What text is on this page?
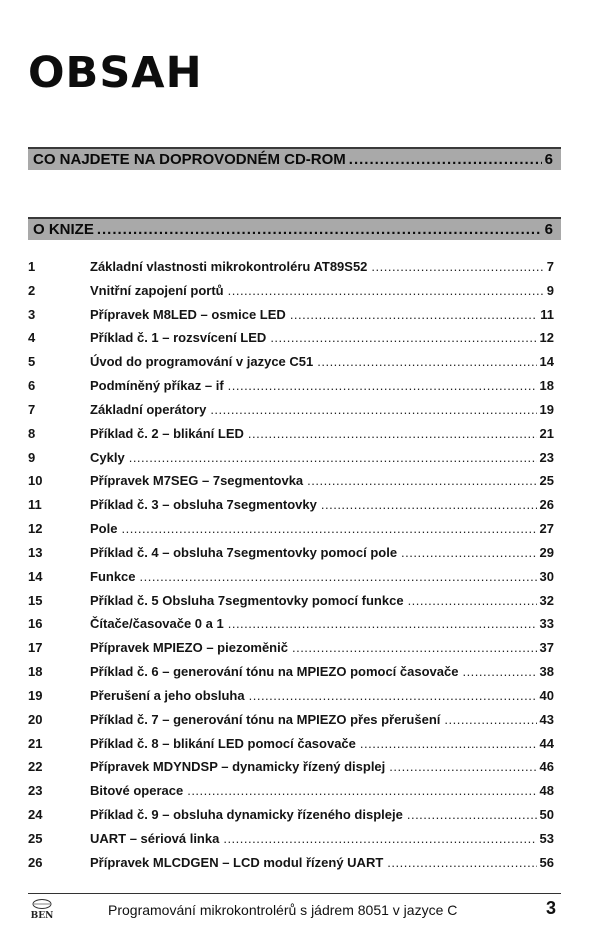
OBSAH
CO NAJDETE NA DOPROVODNÉM CD-ROM .....	6
O KNIZE .....	6
1	Základní vlastnosti mikrokontroléru AT89S52 .....	7
2	Vnitřní zapojení portů .....	9
3	Přípravek M8LED – osmice LED .....	11
4	Příklad č. 1 – rozsvícení LED .....	12
5	Úvod do programování v jazyce C51 .....	14
6	Podmíněný příkaz – if .....	18
7	Základní operátory .....	19
8	Příklad č. 2 – blikání LED .....	21
9	Cykly .....	23
10	Přípravek M7SEG – 7segmentovka .....	25
11	Příklad č. 3 – obsluha 7segmentovky .....	26
12	Pole .....	27
13	Příklad č. 4 – obsluha 7segmentovky pomocí pole .....	29
14	Funkce .....	30
15	Příklad č. 5 Obsluha 7segmentovky pomocí funkce .....	32
16	Čítače/časovače 0 a 1 .....	33
17	Přípravek MPIEZO – piezoměnič .....	37
18	Příklad č. 6 – generování tónu na MPIEZO pomocí časovače .....	38
19	Přerušení a jeho obsluha .....	40
20	Příklad č. 7 – generování tónu na MPIEZO přes přerušení .....	43
21	Příklad č. 8 – blikání LED pomocí časovače .....	44
22	Přípravek MDYNDSP – dynamicky řízený displej .....	46
23	Bitové operace .....	48
24	Příklad č. 9 – obsluha dynamicky řízeného displeje .....	50
25	UART – sériová linka .....	53
26	Přípravek MLCDGEN – LCD modul řízený UART .....	56
BEN	Programování mikrokontrolérů s jádrem 8051 v jazyce C	3
